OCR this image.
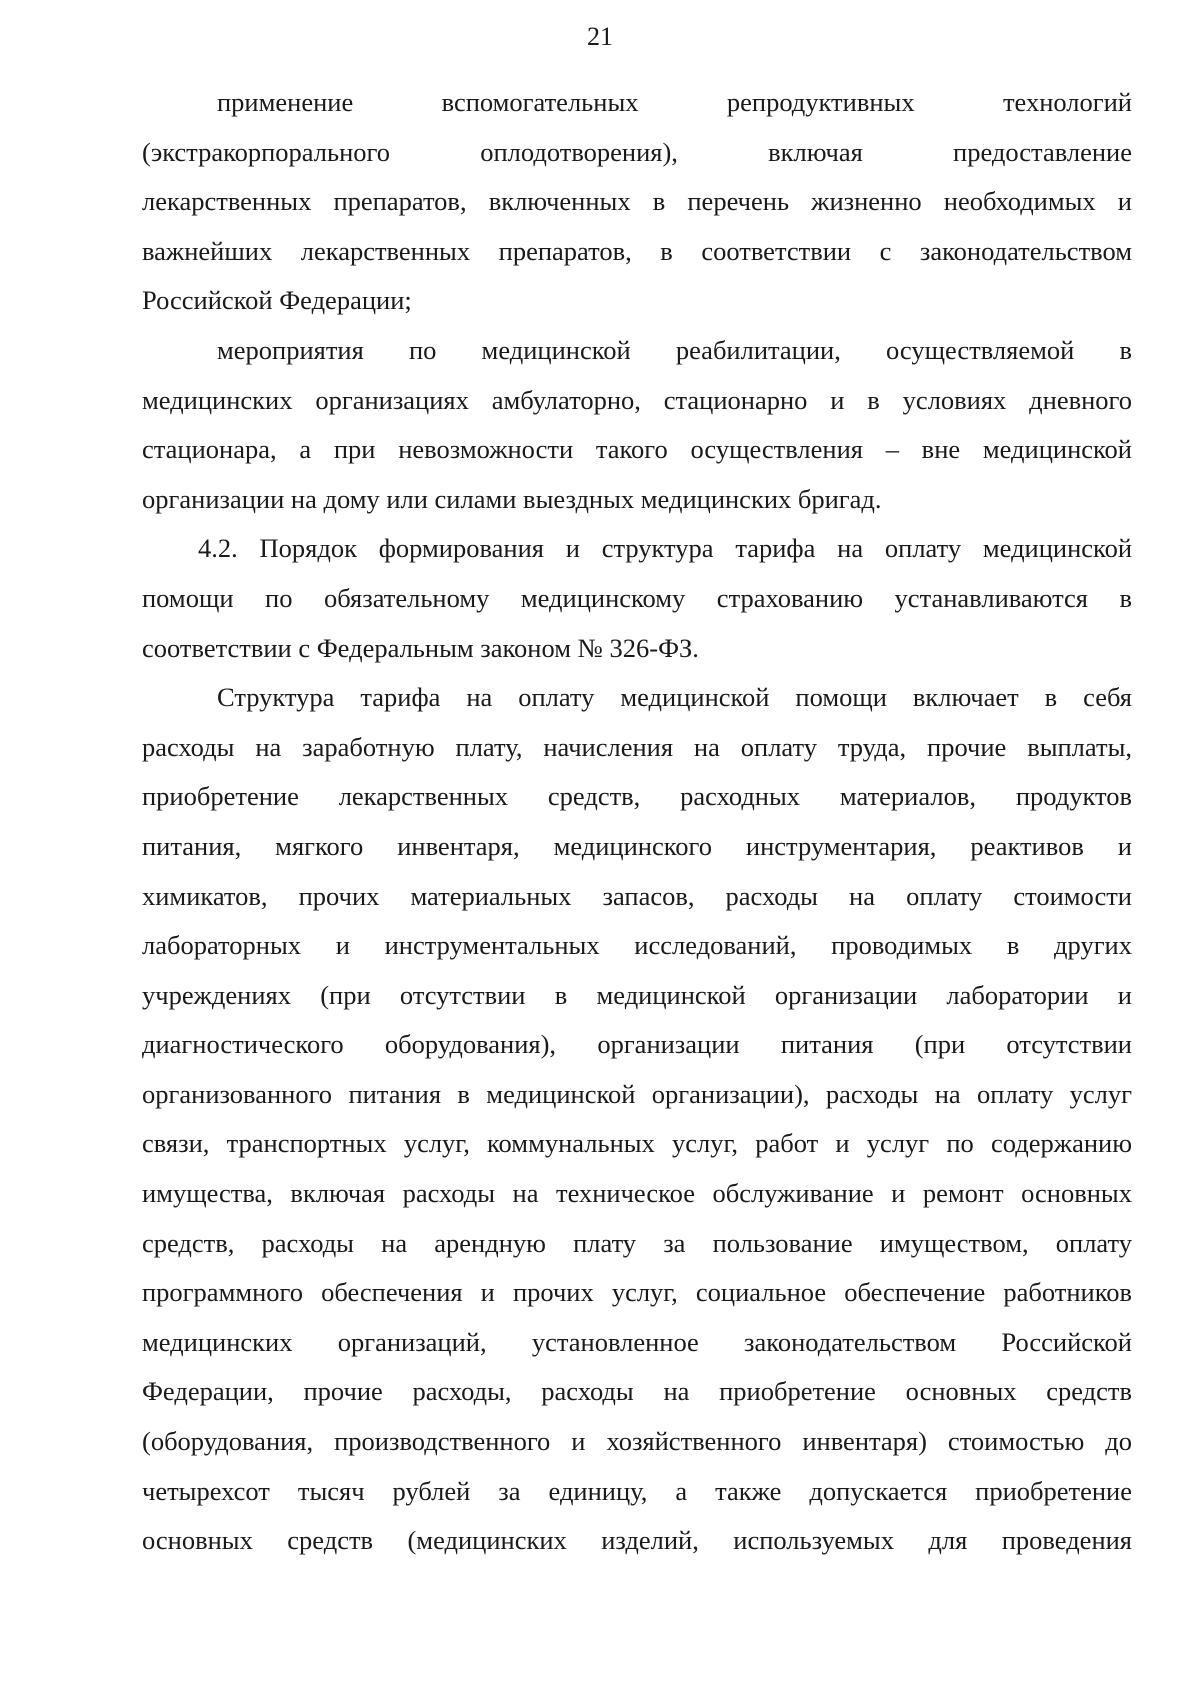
21
применение вспомогательных репродуктивных технологий
(экстракорпорального оплодотворения), включая предоставление
лекарственных препаратов, включенных в перечень жизненно необходимых и
важнейших лекарственных препаратов, в соответствии с законодательством
Российской Федерации;
мероприятия по медицинской реабилитации, осуществляемой в
медицинских организациях амбулаторно, стационарно и в условиях дневного
стационара, а при невозможности такого осуществления – вне медицинской
организации на дому или силами выездных медицинских бригад.
4.2. Порядок формирования и структура тарифа на оплату медицинской
помощи по обязательному медицинскому страхованию устанавливаются в
соответствии с Федеральным законом № 326-ФЗ.
Структура тарифа на оплату медицинской помощи включает в себя
расходы на заработную плату, начисления на оплату труда, прочие выплаты,
приобретение лекарственных средств, расходных материалов, продуктов
питания, мягкого инвентаря, медицинского инструментария, реактивов и
химикатов, прочих материальных запасов, расходы на оплату стоимости
лабораторных и инструментальных исследований, проводимых в других
учреждениях (при отсутствии в медицинской организации лаборатории и
диагностического оборудования), организации питания (при отсутствии
организованного питания в медицинской организации), расходы на оплату услуг
связи, транспортных услуг, коммунальных услуг, работ и услуг по содержанию
имущества, включая расходы на техническое обслуживание и ремонт основных
средств, расходы на арендную плату за пользование имуществом, оплату
программного обеспечения и прочих услуг, социальное обеспечение работников
медицинских организаций, установленное законодательством Российской
Федерации, прочие расходы, расходы на приобретение основных средств
(оборудования, производственного и хозяйственного инвентаря) стоимостью до
четырехсот тысяч рублей за единицу, а также допускается приобретение
основных средств (медицинских изделий, используемых для проведения
